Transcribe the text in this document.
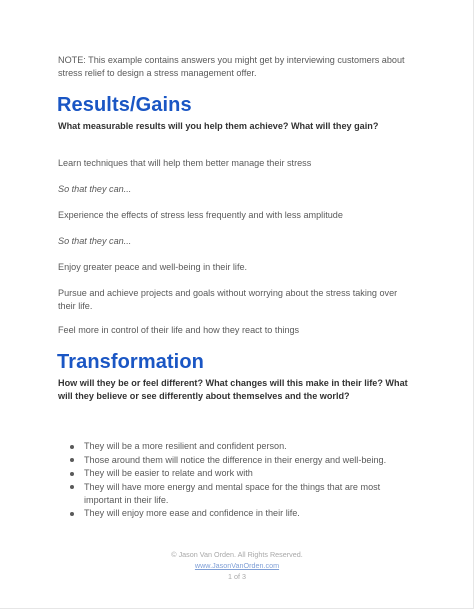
NOTE: This example contains answers you might get by interviewing customers about stress relief to design a stress management offer.

Results/Gains

What measurable results will you help them achieve? What will they gain?

Learn techniques that will help them better manage their stress

So that they can...

Experience the effects of stress less frequently and with less amplitude

So that they can...

Enjoy greater peace and well-being in their life.

Pursue and achieve projects and goals without worrying about the stress taking over their life.

Feel more in control of their life and how they react to things

Transformation

How will they be or feel different? What changes will this make in their life? What will they believe or see differently about themselves and the world?

They will be a more resilient and confident person.
Those around them will notice the difference in their energy and well-being.
They will be easier to relate and work with
They will have more energy and mental space for the things that are most important in their life.
They will enjoy more ease and confidence in their life.
© Jason Van Orden. All Rights Reserved.
www.JasonVanOrden.com
1 of 3
